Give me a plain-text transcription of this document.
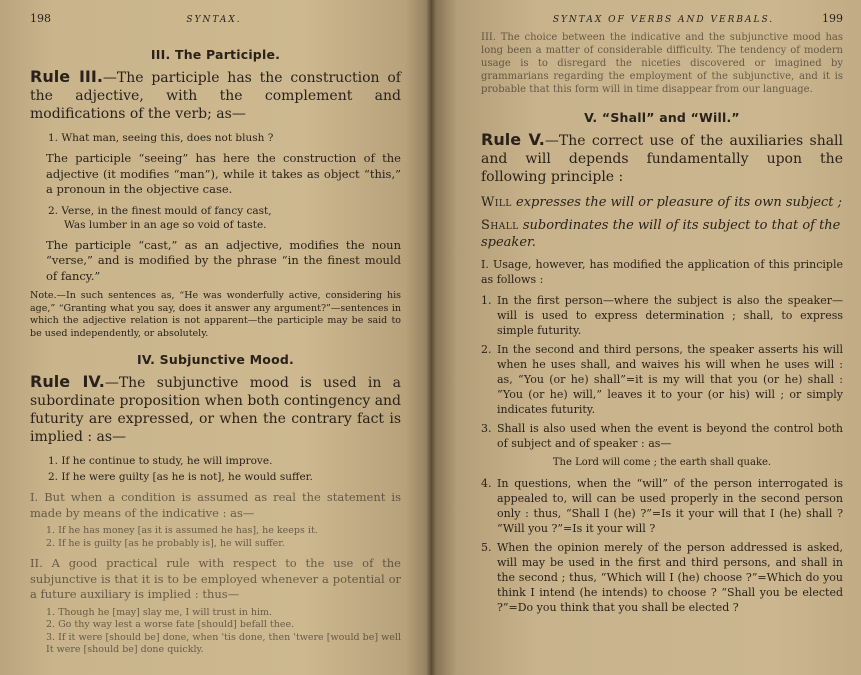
198	SYNTAX.
III. The Participle.

Rule III.—The participle has the construction of the adjective, with the complement and modifications of the verb; as—

1. What man, seeing this, does not blush ?

The participle “seeing” has here the construction of the adjective (it modifies “man”), while it takes as object “this,” a pronoun in the objective case.

2. Verse, in the finest mould of fancy cast,
Was lumber in an age so void of taste.

The participle “cast,” as an adjective, modifies the noun “verse,” and is modified by the phrase “in the finest mould of fancy.”

Note.—In such sentences as, “He was wonderfully active, considering his age,” “Granting what you say, does it answer any argument?”—sentences in which the adjective relation is not apparent—the participle may be said to be used independently, or absolutely.

IV. Subjunctive Mood.

Rule IV.—The subjunctive mood is used in a subordinate proposition when both contingency and futurity are expressed, or when the contrary fact is implied : as—

1. If he continue to study, he will improve.

2. If he were guilty [as he is not], he would suffer.

I. But when a condition is assumed as real the statement is made by means of the indicative : as—

1. If he has money [as it is assumed he has], he keeps it.

2. If he is guilty [as he probably is], he will suffer.

II. A good practical rule with respect to the use of the subjunctive is that it is to be employed whenever a potential or a future auxiliary is implied : thus—

1. Though he [may] slay me, I will trust in him.

2. Go thy way lest a worse fate [should] befall thee.

3. If it were [should be] done, when 'tis done, then 'twere [would be] well It were [should be] done quickly.

SYNTAX OF VERBS AND VERBALS.	199

III. The choice between the indicative and the subjunctive mood has long been a matter of considerable difficulty. The tendency of modern usage is to disregard the niceties discovered or imagined by grammarians regarding the employment of the subjunctive, and it is probable that this form will in time disappear from our language.

V. “Shall” and “Will.”

Rule V.—The correct use of the auxiliaries shall and will depends fundamentally upon the following principle :

Will expresses the will or pleasure of its own subject ;
Shall subordinates the will of its subject to that of the speaker.

I. Usage, however, has modified the application of this principle as follows :

1. In the first person—where the subject is also the speaker—will is used to express determination ; shall, to express simple futurity.
2. In the second and third persons, the speaker asserts his will when he uses shall, and waives his will when he uses will : as, “You (or he) shall”=it is my will that you (or he) shall : “You (or he) will,” leaves it to your (or his) will ; or simply indicates futurity.
3. Shall is also used when the event is beyond the control both of subject and of speaker : as—

The Lord will come ; the earth shall quake.

4. In questions, when the “will” of the person interrogated is appealed to, will can be used properly in the second person only : thus, “Shall I (he) ?”=Is it your will that I (he) shall ? “Will you ?”=Is it your will ?
5. When the opinion merely of the person addressed is asked, will may be used in the first and third persons, and shall in the second ; thus, “Which will I (he) choose ?”=Which do you think I intend (he intends) to choose ? “Shall you be elected ?”=Do you think that you shall be elected ?
